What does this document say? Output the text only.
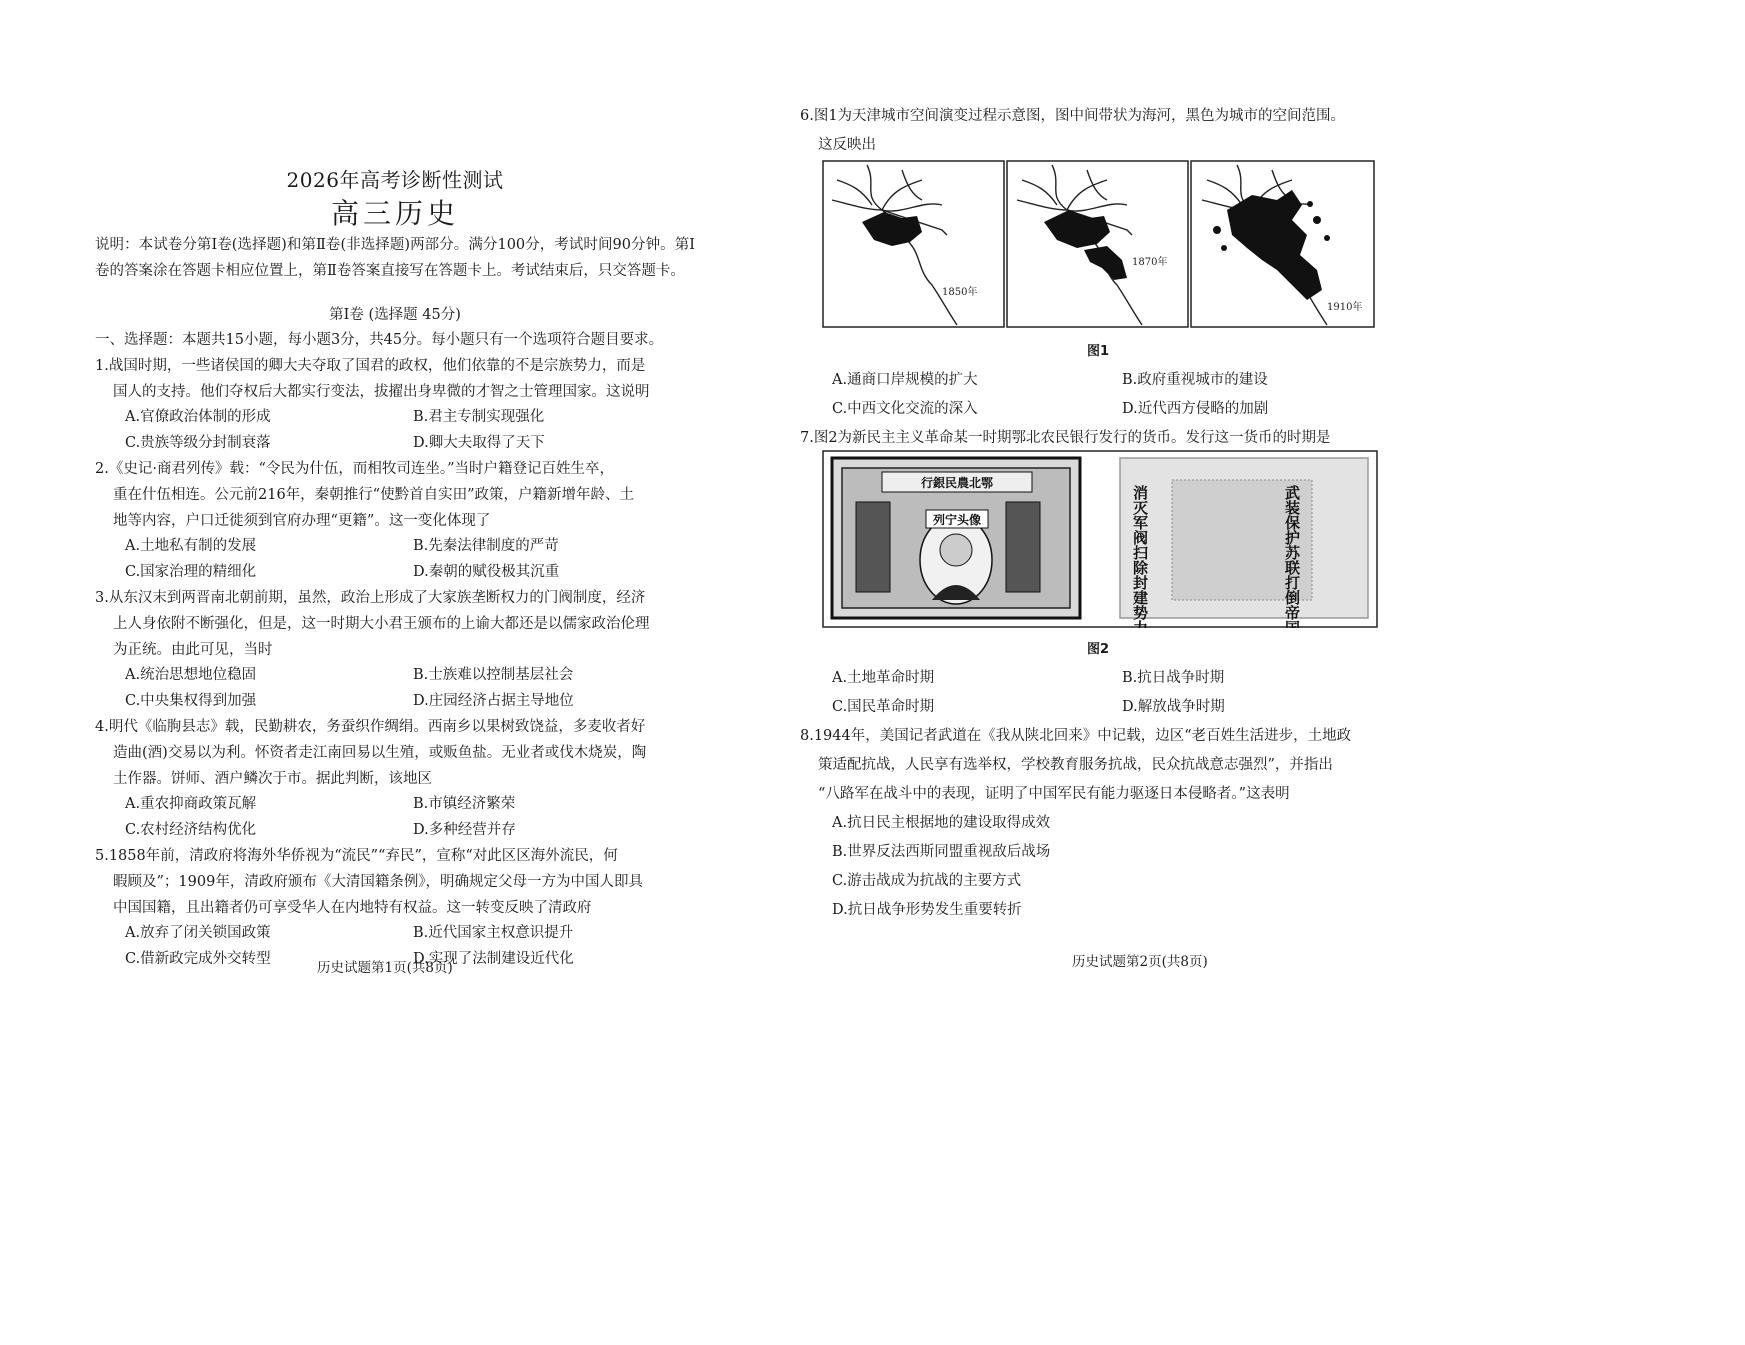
2026年高考诊断性测试
高三历史
说明：本试卷分第Ⅰ卷(选择题)和第Ⅱ卷(非选择题)两部分。满分100分，考试时间90分钟。第Ⅰ卷的答案涂在答题卡相应位置上，第Ⅱ卷答案直接写在答题卡上。考试结束后，只交答题卡。
第Ⅰ卷 (选择题 45分)
一、选择题：本题共15小题，每小题3分，共45分。每小题只有一个选项符合题目要求。
1.战国时期，一些诸侯国的卿大夫夺取了国君的政权，他们依靠的不是宗族势力，而是
国人的支持。他们夺权后大都实行变法，拔擢出身卑微的才智之士管理国家。这说明
A.官僚政治体制的形成	B.君主专制实现强化
C.贵族等级分封制衰落	D.卿大夫取得了天下
2.《史记·商君列传》载：“令民为什伍，而相牧司连坐。”当时户籍登记百姓生卒，
重在什伍相连。公元前216年，秦朝推行“使黔首自实田”政策，户籍新增年龄、土
地等内容，户口迁徙须到官府办理“更籍”。这一变化体现了
A.土地私有制的发展	B.先秦法律制度的严苛
C.国家治理的精细化	D.秦朝的赋役极其沉重
3.从东汉末到两晋南北朝前期，虽然，政治上形成了大家族垄断权力的门阀制度，经济
上人身依附不断强化，但是，这一时期大小君王颁布的上谕大都还是以儒家政治伦理
为正统。由此可见，当时
A.统治思想地位稳固	B.士族难以控制基层社会
C.中央集权得到加强	D.庄园经济占据主导地位
4.明代《临朐县志》载，民勤耕农，务蚕织作绸绢。西南乡以果树致饶益，多麦收者好
造曲(酒)交易以为利。怀资者走江南回易以生殖，或贩鱼盐。无业者或伐木烧炭，陶
土作器。饼师、酒户鳞次于市。据此判断，该地区
A.重农抑商政策瓦解	B.市镇经济繁荣
C.农村经济结构优化	D.多种经营并存
5.1858年前，清政府将海外华侨视为“流民”“弃民”，宣称“对此区区海外流民，何
暇顾及”；1909年，清政府颁布《大清国籍条例》，明确规定父母一方为中国人即具
中国国籍，且出籍者仍可享受华人在内地特有权益。这一转变反映了清政府
A.放弃了闭关锁国政策	B.近代国家主权意识提升
C.借新政完成外交转型	D.实现了法制建设近代化
历史试题第1页(共8页)
6.图1为天津城市空间演变过程示意图，图中间带状为海河，黑色为城市的空间范围。
这反映出
1850年
1870年
1910年
图1
A.通商口岸规模的扩大	B.政府重视城市的建设
C.中西文化交流的深入	D.近代西方侵略的加剧
7.图2为新民主主义革命某一时期鄂北农民银行发行的货币。发行这一货币的时期是
行銀民農北鄂
列宁头像	消灭军阀扫除封建势力	武装保护苏联打倒帝国主义
图2
A.土地革命时期	B.抗日战争时期
C.国民革命时期	D.解放战争时期
8.1944年，美国记者武道在《我从陕北回来》中记载，边区“老百姓生活进步，土地政
策适配抗战，人民享有选举权，学校教育服务抗战，民众抗战意志强烈”，并指出
“八路军在战斗中的表现，证明了中国军民有能力驱逐日本侵略者。”这表明
A.抗日民主根据地的建设取得成效
B.世界反法西斯同盟重视敌后战场
C.游击战成为抗战的主要方式
D.抗日战争形势发生重要转折
历史试题第2页(共8页)
